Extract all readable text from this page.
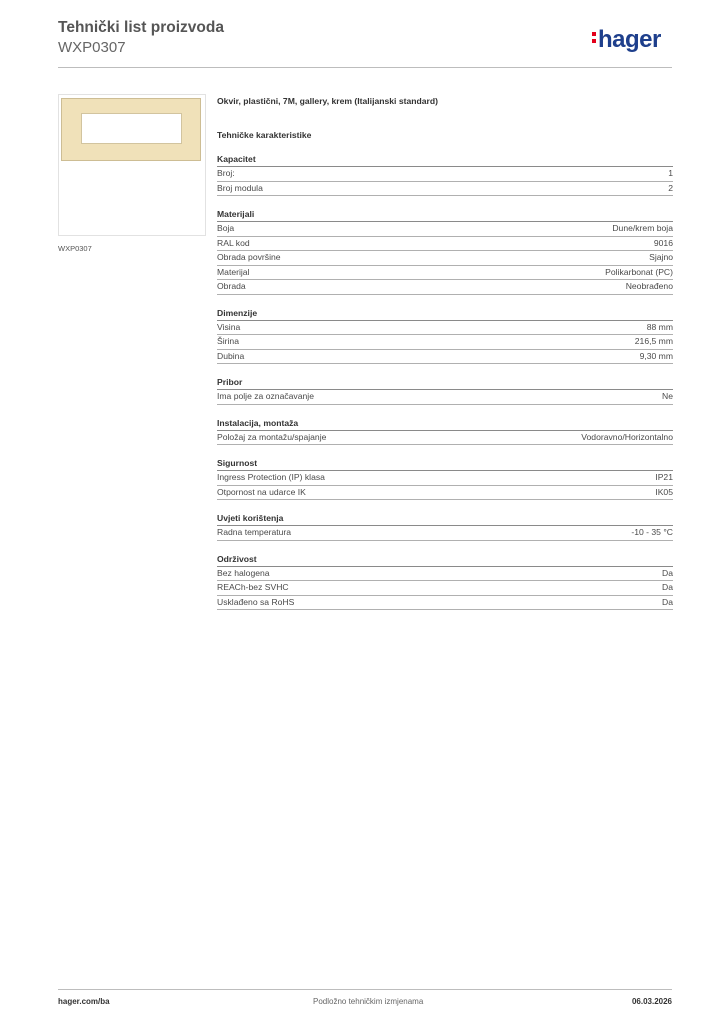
Tehnički list proizvoda
WXP0307	hager
WXP0307
Okvir, plastični, 7M, gallery, krem (Italijanski standard)
Tehničke karakteristike
Kapacitet
Broj:	1
Broj modula	2
Materijali
Boja	Dune/krem boja
RAL kod	9016
Obrada površine	Sjajno
Materijal	Polikarbonat (PC)
Obrada	Neobrađeno
Dimenzije
Visina	88 mm
Širina	216,5 mm
Dubina	9,30 mm
Pribor
Ima polje za označavanje	Ne
Instalacija, montaža
Položaj za montažu/spajanje	Vodoravno/Horizontalno
Sigurnost
Ingress Protection (IP) klasa	IP21
Otpornost na udarce IK	IK05
Uvjeti korištenja
Radna temperatura	-10 - 35 °C
Održivost
Bez halogena	Da
REACh-bez SVHC	Da
Usklađeno sa RoHS	Da
hager.com/ba	Podložno tehničkim izmjenama	06.03.2026
